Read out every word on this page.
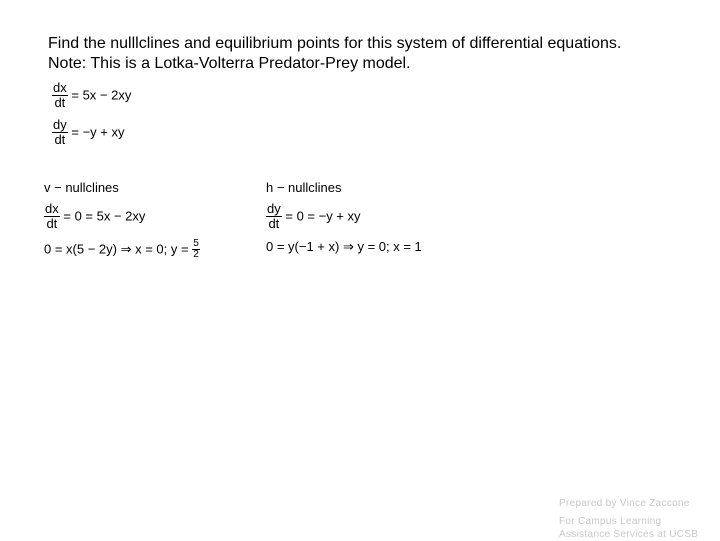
Find the nulllclines and equilibrium points for this system of differential equations.
Note: This is a Lotka-Volterra Predator-Prey model.
$\frac{dx}{dt} = 5x - 2xy$
$\frac{dy}{dt} = -y$ + xy
v − nullclines
$\frac{dx}{dt} = 0 = 5x - 2xy$
0 = x(5 − 2y) ⇒ x = 0; $y = \frac{5}{2}$
h − nullclines
$\frac{dy}{dt} = 0 = -y$ + xy
0 = y(−1 + x) ⇒ y = 0; x = 1
Prepared by Vince Zaccone
For Campus Learning
Assistance Services at UCSB
